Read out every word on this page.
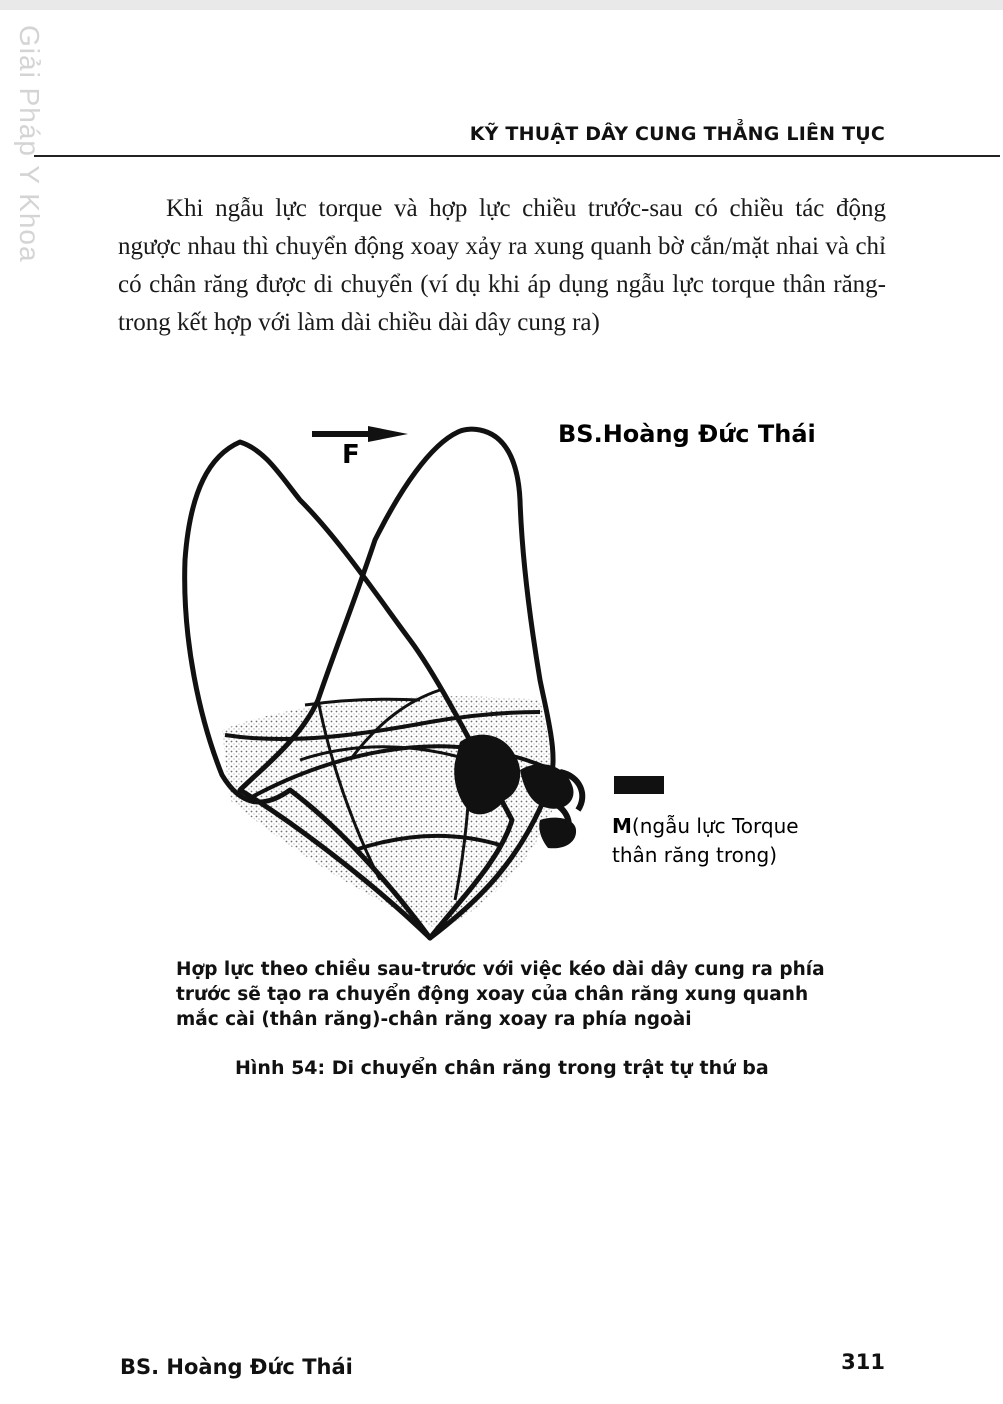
Giải Pháp Y Khoa	KỸ THUẬT DÂY CUNG THẲNG LIÊN TỤC

Khi ngẫu lực torque và hợp lực chiều trước-sau có chiều tác động ngược nhau thì chuyển động xoay xảy ra xung quanh bờ cắn/mặt nhai và chỉ có chân răng được di chuyển (ví dụ khi áp dụng ngẫu lực torque thân răng-trong kết hợp với làm dài chiều dài dây cung ra)

BS.Hoàng Đức Thái
F
M(ngẫu lực Torque thân răng trong)

Hợp lực theo chiều sau-trước với việc kéo dài dây cung ra phía trước sẽ tạo ra chuyển động xoay của chân răng xung quanh mắc cài (thân răng)-chân răng xoay ra phía ngoài

Hình 54: Di chuyển chân răng trong trật tự thứ ba
BS. Hoàng Đức Thái	311
